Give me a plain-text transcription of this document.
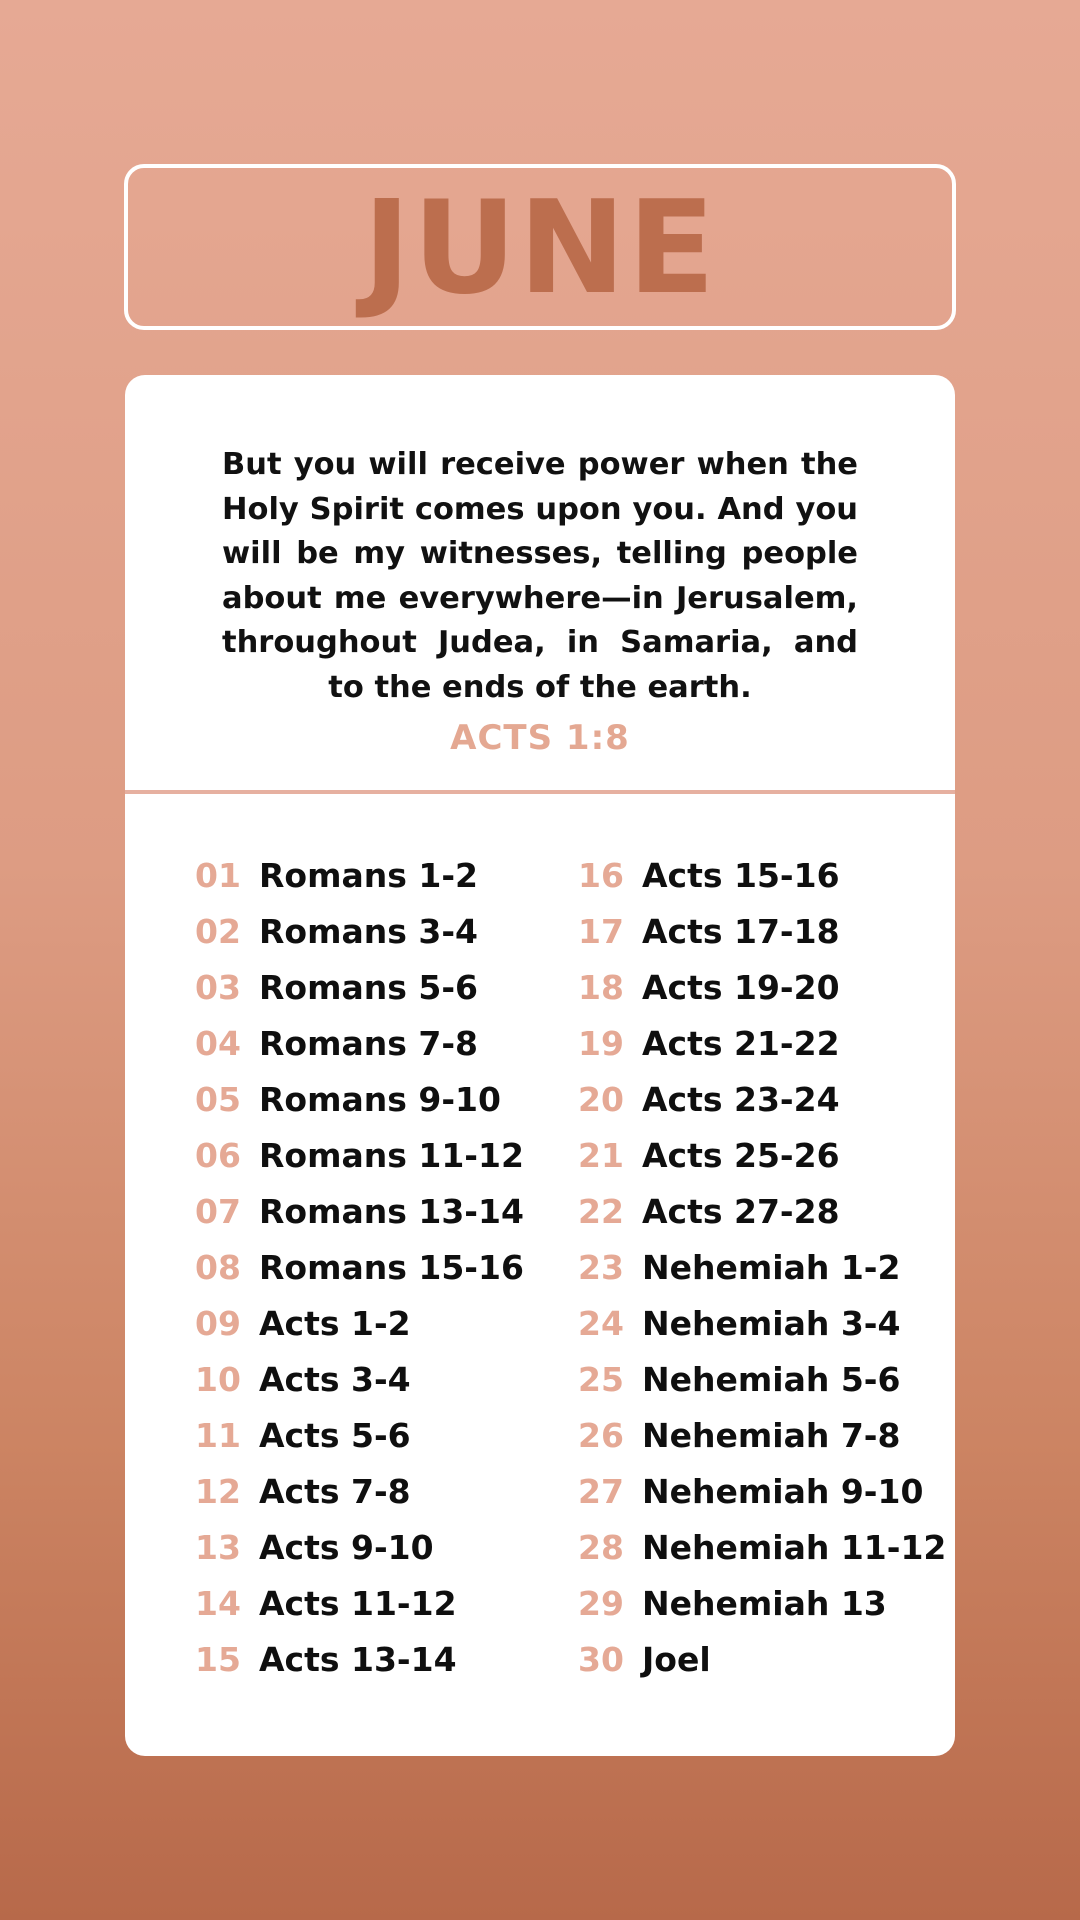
JUNE

But you will receive power when the Holy Spirit comes upon you. And you will be my witnesses, telling people about me everywhere—in Jerusalem, throughout Judea, in Samaria, and to the ends of the earth.

ACTS 1:8
01 Romans 1-2
02 Romans 3-4
03 Romans 5-6
04 Romans 7-8
05 Romans 9-10
06 Romans 11-12
07 Romans 13-14
08 Romans 15-16
09 Acts 1-2
10 Acts 3-4
11 Acts 5-6
12 Acts 7-8
13 Acts 9-10
14 Acts 11-12
15 Acts 13-14
16 Acts 15-16
17 Acts 17-18
18 Acts 19-20
19 Acts 21-22
20 Acts 23-24
21 Acts 25-26
22 Acts 27-28
23 Nehemiah 1-2
24 Nehemiah 3-4
25 Nehemiah 5-6
26 Nehemiah 7-8
27 Nehemiah 9-10
28 Nehemiah 11-12
29 Nehemiah 13
30 Joel
